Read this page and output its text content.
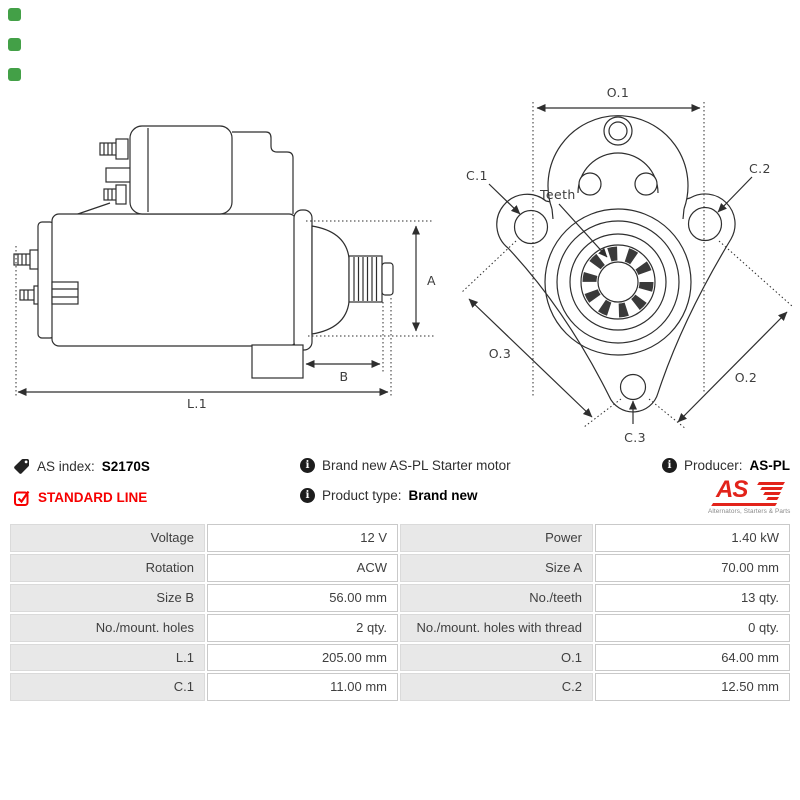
A
B
L.1
O.1
C.1	C.2
Teeth
O.3
O.2
C.3
AS index: S2170S	i Brand new AS-PL Starter motor	i Producer: AS-PL
STANDARD LINE	i Product type: Brand new	AS
Alternators, Starters & Parts
Voltage	12 V	Power	1.40 kW
Rotation	ACW	Size A	70.00 mm
Size B	56.00 mm	No./teeth	13 qty.
No./mount. holes	2 qty.	No./mount. holes with thread	0 qty.
L.1	205.00 mm	O.1	64.00 mm
C.1	11.00 mm	C.2	12.50 mm
